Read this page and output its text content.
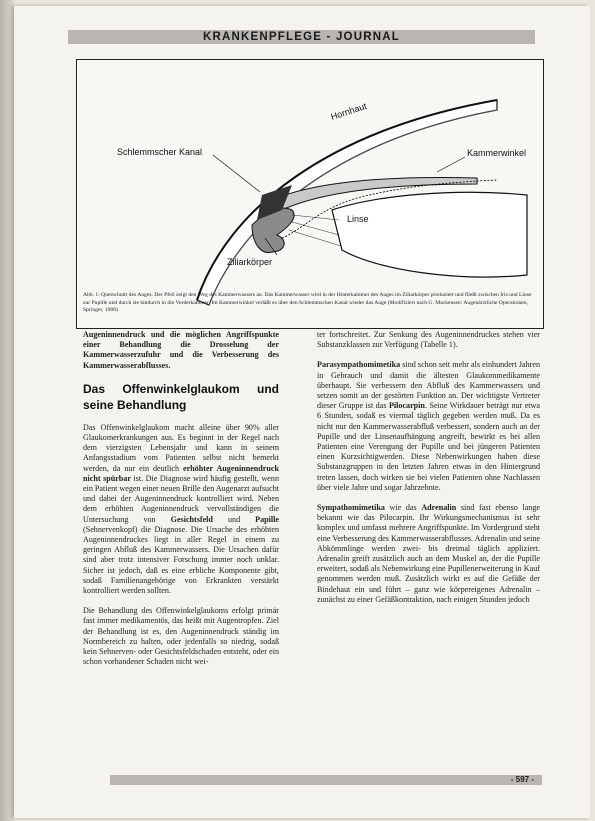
KRANKENPFLEGE - JOURNAL
Hornhaut
Schlemmscher Kanal	Kammerwinkel
Linse
Ziliarkörper
Abb. 1: Querschnitt des Auges. Der Pfeil zeigt den Weg des Kammerwassers an. Das Kammerwasser wird in der Hinterkammer des Auges im Ziliarkörper produziert und fließt zwischen Iris und Linse zur Pupille und durch sie hindurch in die Vorderkammer. Im Kammerwinkel verläßt es über den Schlemmschen Kanal wieder das Auge (Modifiziert nach G. Mackensen: Augenärztliche Operationen, Springer, 1988)

Augeninnendruck und die möglichen Angriffspunkte einer Behandlung die Drosselung der Kammerwasserzufuhr und die Verbesserung des Kammerwasserabflusses.

Das Offenwinkelglaukom und seine Behandlung

Das Offenwinkelglaukom macht alleine über 90% aller Glaukomerkrankungen aus. Es beginnt in der Regel nach dem vierzigsten Lebensjahr und kann in seinem Anfangsstadium vom Patienten selbst nicht bemerkt werden, da nur ein deutlich erhöhter Augeninnendruck nicht spürbar ist. Die Diagnose wird häufig gestellt, wenn ein Patient wegen einer neuen Brille den Augenarzt aufsucht und dabei der Augeninnendruck kontrolliert wird. Neben dem erhöhten Augeninnendruck vervollständigen die Untersuchung von Gesichtsfeld und Papille (Sehnervenkopf) die Diagnose. Die Ursache des erhöhten Augeninnendruckes liegt in aller Regel in einem zu geringen Abfluß des Kammerwassers. Die Ursachen dafür sind aber trotz intensiver Forschung immer noch unklar. Sicher ist jedoch, daß es eine erbliche Komponente gibt, sodaß Familienangehörige von Erkrankten verstärkt kontrolliert werden sollten.

Die Behandlung des Offenwinkelglaukoms erfolgt primär fast immer medikamentös, das heißt mit Augentropfen. Ziel der Behandlung ist es, den Augeninnendruck ständig im Normbereich zu halten, oder jedenfalls so niedrig, sodaß kein Sehnerven- oder Gesichtsfeldschaden entsteht, oder ein schon vorhandener Schaden nicht wei-

ter fortschreitet. Zur Senkung des Augeninnendruckes stehen vier Substanzklassen zur Verfügung (Tabelle 1).

Parasympathomimetika sind schon seit mehr als einhundert Jahren in Gebrauch und damit die ältesten Glaukommedikamente überhaupt. Sie verbessern den Abfluß des Kammerwassers und setzen somit an der gestörten Funktion an. Der wichtigste Vertreter dieser Gruppe ist das Pilocarpin. Seine Wirkdauer beträgt nur etwa 6 Stunden, sodaß es viermal täglich gegeben werden muß. Da es nicht nur den Kammerwasserabfluß verbessert, sondern auch an der Pupille und der Linsenaufhängung angreift, bewirkt es bei allen Patienten eine Verengung der Pupille und bei jüngeren Patienten einen Kurzsichtigwerden. Diese Nebenwirkungen haben diese Substanzgruppen in den letzten Jahren etwas in den Hintergrund treten lassen, doch wirken sie bei vielen Patienten ohne Nachlassen über viele Jahre und sogar Jahrzehnte.

Sympathomimetika wie das Adrenalin sind fast ebenso lange bekannt wie das Pilocarpin. Ihr Wirkungsmechanismus ist sehr komplex und umfasst mehrere Angriffspunkte. Im Vordergrund steht eine Verbesserung des Kammerwasserabflusses. Adrenalin und seine Abkömmlinge werden zwei- bis dreimal täglich appliziert. Adrenalin greift zusätzlich auch an dem Muskel an, der die Pupille erweitert, sodaß als Nebenwirkung eine Pupillenerweiterung in Kauf genommen werden muß. Zusätzlich wirkt es auf die Gefäße der Bindehaut ein und führt – ganz wie körpereigenes Adrenalin – zunächst zu einer Gefäßkontraktion, nach einigen Stunden jedoch

- 597 -
